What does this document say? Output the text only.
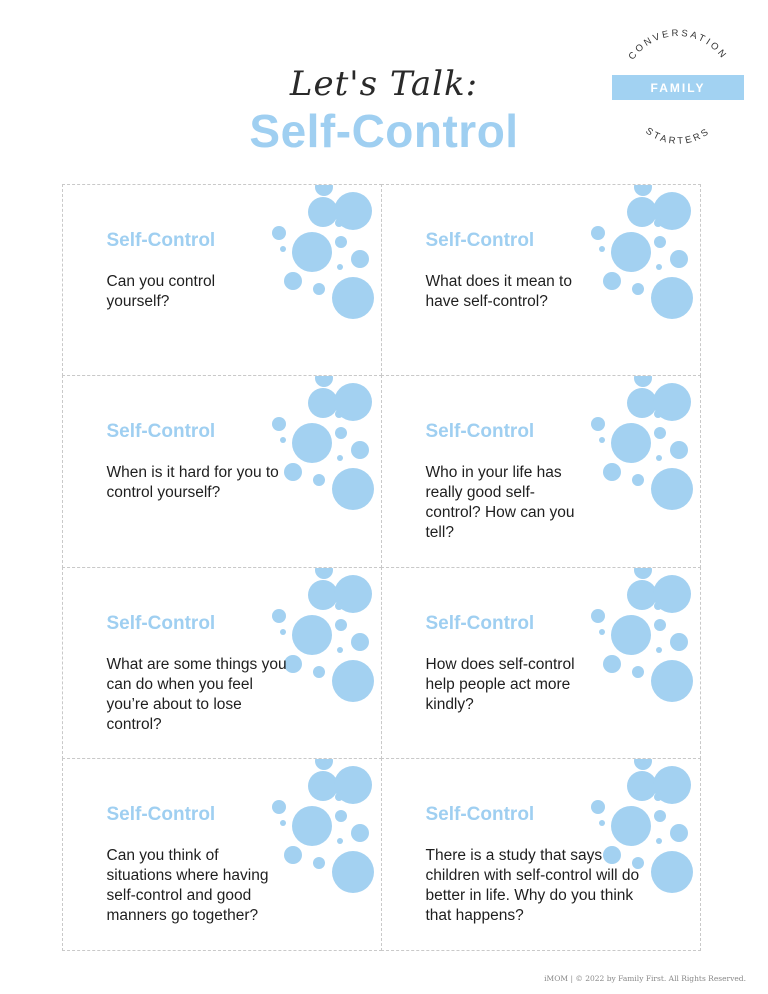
Let's Talk:
Self-Control
CONVERSATION
STARTERS
FAMILY
Self-Control
Can you control yourself?
Self-Control
What does it mean to have self-control?
Self-Control
When is it hard for you to control yourself?
Self-Control
Who in your life has really good self-control? How can you tell?
Self-Control
What are some things you can do when you feel you’re about to lose control?
Self-Control
How does self-control help people act more kindly?
Self-Control
Can you think of situations where having self-control and good manners go together?
Self-Control
There is a study that says children with self-control will do better in life. Why do you think that happens?
iMOM | © 2022 by Family First. All Rights Reserved.
